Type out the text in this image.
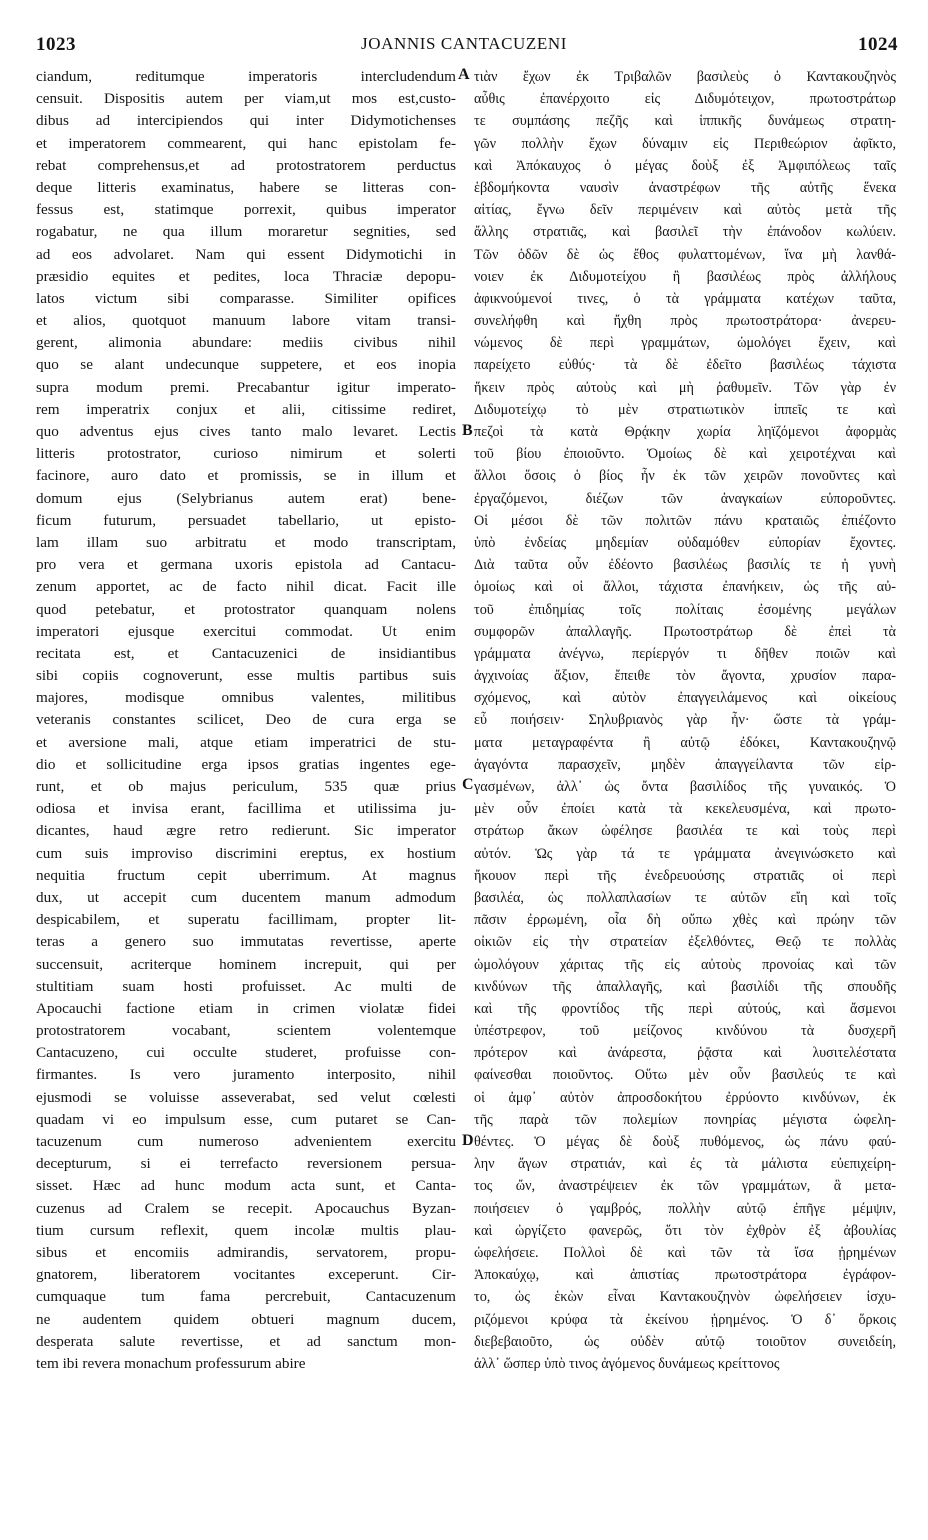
1023	JOANNIS CANTACUZENI	1024
ciandum, reditumque imperatoris intercludendum
censuit. Dispositis autem per viam,ut mos est,custo-
dibus ad intercipiendos qui inter Didymotichenses
et imperatorem commearent, qui hanc epistolam fe-
rebat comprehensus,et ad protostratorem perductus
deque litteris examinatus, habere se litteras con-
fessus est, statimque porrexit, quibus imperator
rogabatur, ne qua illum moraretur segnities, sed
ad eos advolaret. Nam qui essent Didymotichi in
præsidio equites et pedites, loca Thraciæ depopu-
latos victum sibi comparasse. Similiter opifices
et alios, quotquot manuum labore vitam transi-
gerent, alimonia abundare: mediis civibus nihil
quo se alant undecunque suppetere, et eos inopia
supra modum premi. Precabantur igitur imperato-
rem imperatrix conjux et alii, citissime rediret,
quo adventus ejus cives tanto malo levaret. Lectis
litteris protostrator, curioso nimirum et solerti
facinore, auro dato et promissis, se in illum et
domum ejus (Selybrianus autem erat) bene-
ficum futurum, persuadet tabellario, ut episto-
lam illam suo arbitratu et modo transcriptam,
pro vera et germana uxoris epistola ad Cantacu-
zenum apportet, ac de facto nihil dicat. Facit ille
quod petebatur, et protostrator quanquam nolens
imperatori ejusque exercitui commodat. Ut enim
recitata est, et Cantacuzenici de insidiantibus
sibi copiis cognoverunt, esse multis partibus suis
majores, modisque omnibus valentes, militibus
veteranis constantes scilicet, Deo de cura erga se
et aversione mali, atque etiam imperatrici de stu-
dio et sollicitudine erga ipsos gratias ingentes ege-
runt, et ob majus periculum, 535 quæ prius
odiosa et invisa erant, facillima et utilissima ju-
dicantes, haud ægre retro redierunt. Sic imperator
cum suis improviso discrimini ereptus, ex hostium
nequitia fructum cepit uberrimum. At magnus
dux, ut accepit cum ducentem manum admodum
despicabilem, et superatu facillimam, propter lit-
teras a genero suo immutatas revertisse, aperte
succensuit, acriterque hominem increpuit, qui per
stultitiam suam hosti profuisset. Ac multi de
Apocauchi factione etiam in crimen violatæ fidei
protostratorem vocabant, scientem volentemque
Cantacuzeno, cui occulte studeret, profuisse con-
firmantes. Is vero juramento interposito, nihil
ejusmodi se voluisse asseverabat, sed velut cœlesti
quadam vi eo impulsum esse, cum putaret se Can-
tacuzenum cum numeroso advenientem exercitu
decepturum, si ei terrefacto reversionem persua-
sisset. Hæc ad hunc modum acta sunt, et Canta-
cuzenus ad Cralem se recepit. Apocauchus Byzan-
tium cursum reflexit, quem incolæ multis plau-
sibus et encomiis admirandis, servatorem, propu-
gnatorem, liberatorem vocitantes exceperunt. Cir-
cumquaque tum fama percrebuit, Cantacuzenum
ne audentem quidem obtueri magnum ducem,
desperata salute revertisse, et ad sanctum mon-
tem ibi revera monachum professurum abire
τιὰν ἔχων ἐκ Τριβαλῶν βασιλεὺς ὁ Καντακουζηνὸς
αὖθις ἐπανέρχοιτο εἰς Διδυμότειχον, πρωτοστράτωρ
τε συμπάσης πεζῆς καὶ ἱππικῆς δυνάμεως στρατη-
γῶν πολλὴν ἔχων δύναμιν εἰς Περιθεώριον ἀφῖκτο,
καὶ Ἀπόκαυχος ὁ μέγας δοὺξ ἐξ Ἀμφιπόλεως ταῖς
ἑβδομήκοντα ναυσὶν ἀναστρέφων τῆς αὐτῆς ἕνεκα
αἰτίας, ἔγνω δεῖν περιμένειν καὶ αὐτὸς μετὰ τῆς
ἄλλης στρατιᾶς, καὶ βασιλεῖ τὴν ἐπάνοδον κωλύειν.
Τῶν ὁδῶν δὲ ὡς ἔθος φυλαττομένων, ἵνα μὴ λανθά-
νοιεν ἐκ Διδυμοτείχου ἢ βασιλέως πρὸς ἀλλήλους
ἀφικνούμενοί τινες, ὁ τὰ γράμματα κατέχων ταῦτα,
συνελήφθη καὶ ἤχθη πρὸς πρωτοστράτορα· ἀνερευ-
νώμενος δὲ περὶ γραμμάτων, ὡμολόγει ἔχειν, καὶ
παρείχετο εὐθύς· τὰ δὲ ἐδεῖτο βασιλέως τάχιστα
ἥκειν πρὸς αὐτοὺς καὶ μὴ ῥαθυμεῖν. Τῶν γὰρ ἐν
Διδυμοτείχῳ τὸ μὲν στρατιωτικὸν ἱππεῖς τε καὶ
πεζοὶ τὰ κατὰ Θρᾴκην χωρία ληϊζόμενοι ἀφορμὰς
τοῦ βίου ἐποιοῦντο. Ὁμοίως δὲ καὶ χειροτέχναι καὶ
ἄλλοι ὅσοις ὁ βίος ἦν ἐκ τῶν χειρῶν πονοῦντες καὶ
ἐργαζόμενοι, διέζων τῶν ἀναγκαίων εὐποροῦντες.
Οἱ μέσοι δὲ τῶν πολιτῶν πάνυ κραταιῶς ἐπιέζοντο
ὑπὸ ἐνδείας μηδεμίαν οὐδαμόθεν εὐπορίαν ἔχοντες.
Διὰ ταῦτα οὖν ἐδέοντο βασιλέως βασιλίς τε ἡ γυνὴ
ὁμοίως καὶ οἱ ἄλλοι, τάχιστα ἐπανήκειν, ὡς τῆς αὐ-
τοῦ ἐπιδημίας τοῖς πολίταις ἐσομένης μεγάλων
συμφορῶν ἀπαλλαγῆς. Πρωτοστράτωρ δὲ ἐπεὶ τὰ
γράμματα ἀνέγνω, περίεργόν τι δῆθεν ποιῶν καὶ
ἀγχινοίας ἄξιον, ἔπειθε τὸν ἄγοντα, χρυσίον παρα-
σχόμενος, καὶ αὐτὸν ἐπαγγειλάμενος καὶ οἰκείους
εὖ ποιήσειν· Σηλυβριανὸς γὰρ ἦν· ὥστε τὰ γράμ-
ματα μεταγραφέντα ἢ αὐτῷ ἐδόκει, Καντακουζηνῷ
ἀγαγόντα παρασχεῖν, μηδὲν ἀπαγγείλαντα τῶν εἰρ-
γασμένων, ἀλλ᾽ ὡς ὄντα βασιλίδος τῆς γυναικός. Ὁ
μὲν οὖν ἐποίει κατὰ τὰ κεκελευσμένα, καὶ πρωτο-
στράτωρ ἄκων ὠφέλησε βασιλέα τε καὶ τοὺς περὶ
αὐτόν. Ὡς γὰρ τά τε γράμματα ἀνεγινώσκετο καὶ
ἤκουον περὶ τῆς ἐνεδρευούσης στρατιᾶς οἱ περὶ
βασιλέα, ὡς πολλαπλασίων τε αὐτῶν εἴη καὶ τοῖς
πᾶσιν ἐρρωμένη, οἷα δὴ οὔπω χθὲς καὶ πρώην τῶν
οἰκιῶν εἰς τὴν στρατείαν ἐξελθόντες, Θεῷ τε πολλὰς
ὡμολόγουν χάριτας τῆς εἰς αὐτοὺς προνοίας καὶ τῶν
κινδύνων τῆς ἀπαλλαγῆς, καὶ βασιλίδι τῆς σπουδῆς
καὶ τῆς φροντίδος τῆς περὶ αὐτούς, καὶ ἄσμενοι
ὑπέστρεφον, τοῦ μείζονος κινδύνου τὰ δυσχερῆ
πρότερον καὶ ἀνάρεστα, ῥᾷστα καὶ λυσιτελέστατα
φαίνεσθαι ποιοῦντος. Οὕτω μὲν οὖν βασιλεύς τε καὶ
οἱ ἀμφ᾽ αὐτὸν ἀπροσδοκήτου ἐρρύοντο κινδύνων, ἐκ
τῆς παρὰ τῶν πολεμίων πονηρίας μέγιστα ὠφελη-
θέντες. Ὁ μέγας δὲ δοὺξ πυθόμενος, ὡς πάνυ φαύ-
λην ἄγων στρατιάν, καὶ ἐς τὰ μάλιστα εὐεπιχείρη-
τος ὤν, ἀναστρέψειεν ἐκ τῶν γραμμάτων, ἃ μετα-
ποιήσειεν ὁ γαμβρός, πολλὴν αὐτῷ ἐπῆγε μέμψιν,
καὶ ὠργίζετο φανερῶς, ὅτι τὸν ἐχθρὸν ἐξ ἀβουλίας
ὠφελήσειε. Πολλοὶ δὲ καὶ τῶν τὰ ἴσα ᾑρημένων
Ἀποκαύχῳ, καὶ ἀπιστίας πρωτοστράτορα ἐγράφον-
το, ὡς ἑκὼν εἶναι Καντακουζηνὸν ὠφελήσειεν ἰσχυ-
ριζόμενοι κρύφα τὰ ἐκείνου ᾑρημένος. Ὁ δ᾽ ὅρκοις
διεβεβαιοῦτο, ὡς οὐδὲν αὐτῷ τοιοῦτον συνειδείη,
ἀλλ᾽ ὥσπερ ὑπὸ τινος ἀγόμενος δυνάμεως κρείττονος
A
B
C
D
